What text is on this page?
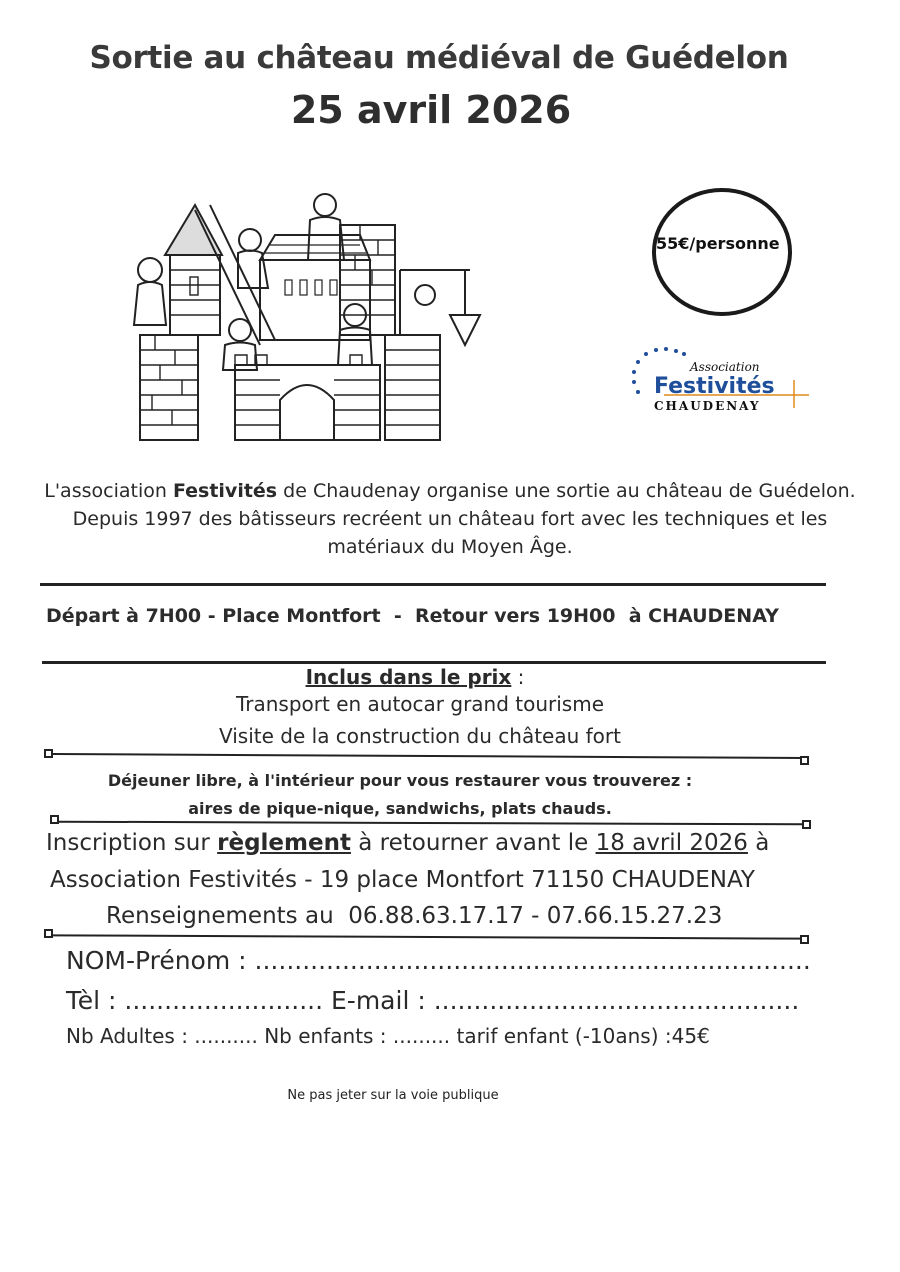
Sortie au château médiéval de Guédelon
25 avril 2026
55€/personne
Association
Festivités
CHAUDENAY
L'association Festivités de Chaudenay organise une sortie au château de Guédelon. Depuis 1997 des bâtisseurs recréent un château fort avec les techniques et les matériaux du Moyen Âge.
Départ à 7H00 - Place Montfort  -  Retour vers 19H00  à CHAUDENAY
Inclus dans le prix :
Transport en autocar grand tourisme
Visite de la construction du château fort
Déjeuner libre, à l'intérieur pour vous restaurer vous trouverez :
aires de pique-nique, sandwichs, plats chauds.
Inscription sur règlement à retourner avant le 18 avril 2026 à
Association Festivités - 19 place Montfort 71150 CHAUDENAY
Renseignements au  06.88.63.17.17 - 07.66.15.27.23
NOM-Prénom : ......................................................................
Tèl : ......................... E-mail : ..............................................
Nb Adultes : .......... Nb enfants : ......... tarif enfant (-10ans) :45€
Ne pas jeter sur la voie publique
